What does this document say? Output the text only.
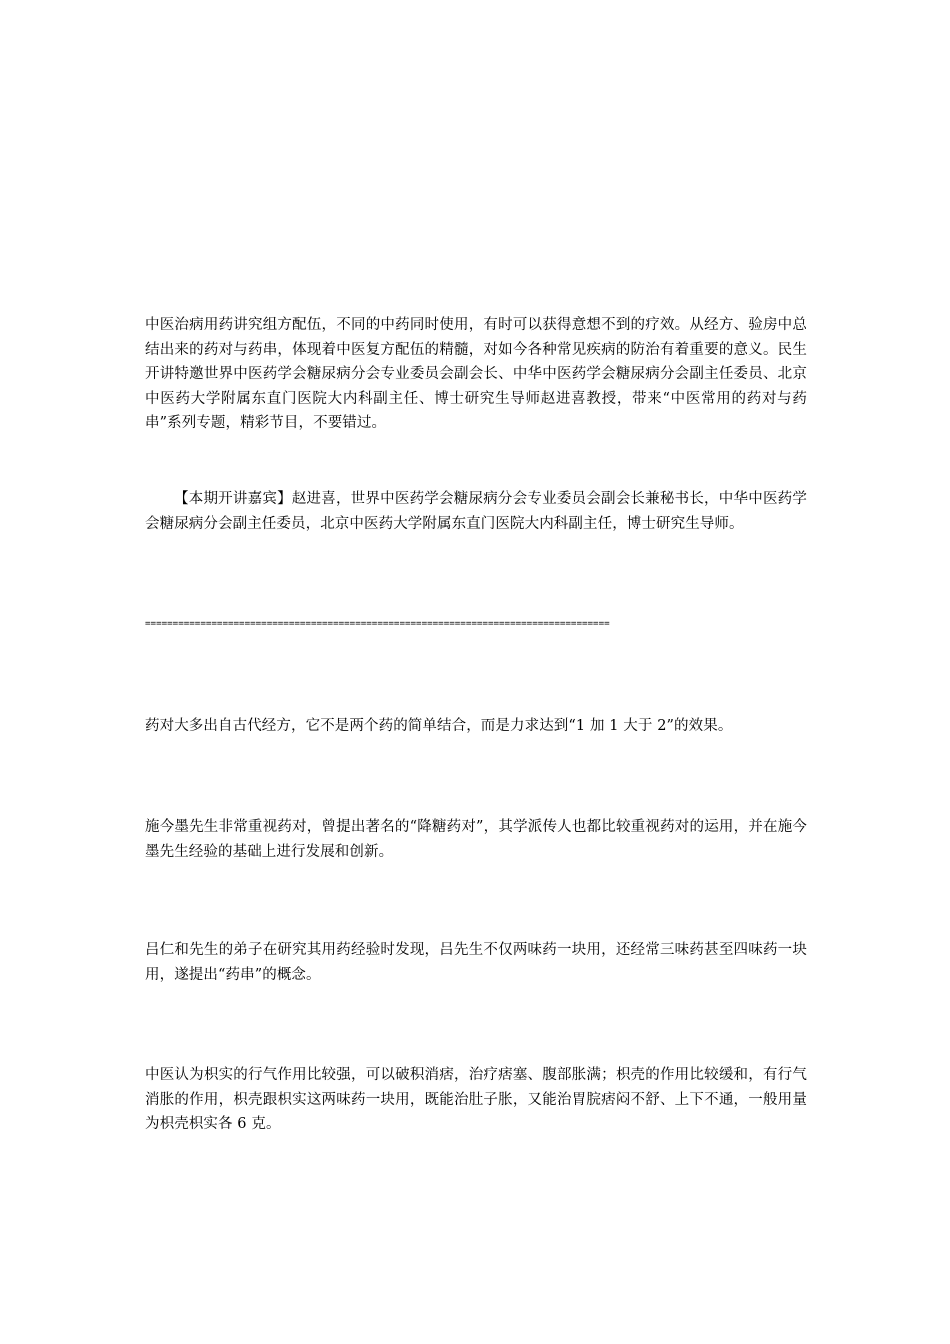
中医治病用药讲究组方配伍，不同的中药同时使用，有时可以获得意想不到的疗效。从经方、验房中总结出来的药对与药串，体现着中医复方配伍的精髓，对如今各种常见疾病的防治有着重要的意义。民生开讲特邀世界中医药学会糖尿病分会专业委员会副会长、中华中医药学会糖尿病分会副主任委员、北京中医药大学附属东直门医院大内科副主任、博士研究生导师赵进喜教授，带来“中医常用的药对与药串”系列专题，精彩节目，不要错过。

【本期开讲嘉宾】赵进喜，世界中医药学会糖尿病分会专业委员会副会长兼秘书长，中华中医药学会糖尿病分会副主任委员，北京中医药大学附属东直门医院大内科副主任，博士研究生导师。

====================================================================================

药对大多出自古代经方，它不是两个药的简单结合，而是力求达到“1 加 1 大于 2”的效果。

施今墨先生非常重视药对，曾提出著名的“降糖药对”，其学派传人也都比较重视药对的运用，并在施今墨先生经验的基础上进行发展和创新。

吕仁和先生的弟子在研究其用药经验时发现，吕先生不仅两味药一块用，还经常三味药甚至四味药一块用，遂提出“药串”的概念。

中医认为枳实的行气作用比较强，可以破积消痞，治疗痞塞、腹部胀满；枳壳的作用比较缓和，有行气消胀的作用，枳壳跟枳实这两味药一块用，既能治肚子胀，又能治胃脘痞闷不舒、上下不通，一般用量为枳壳枳实各 6 克。
